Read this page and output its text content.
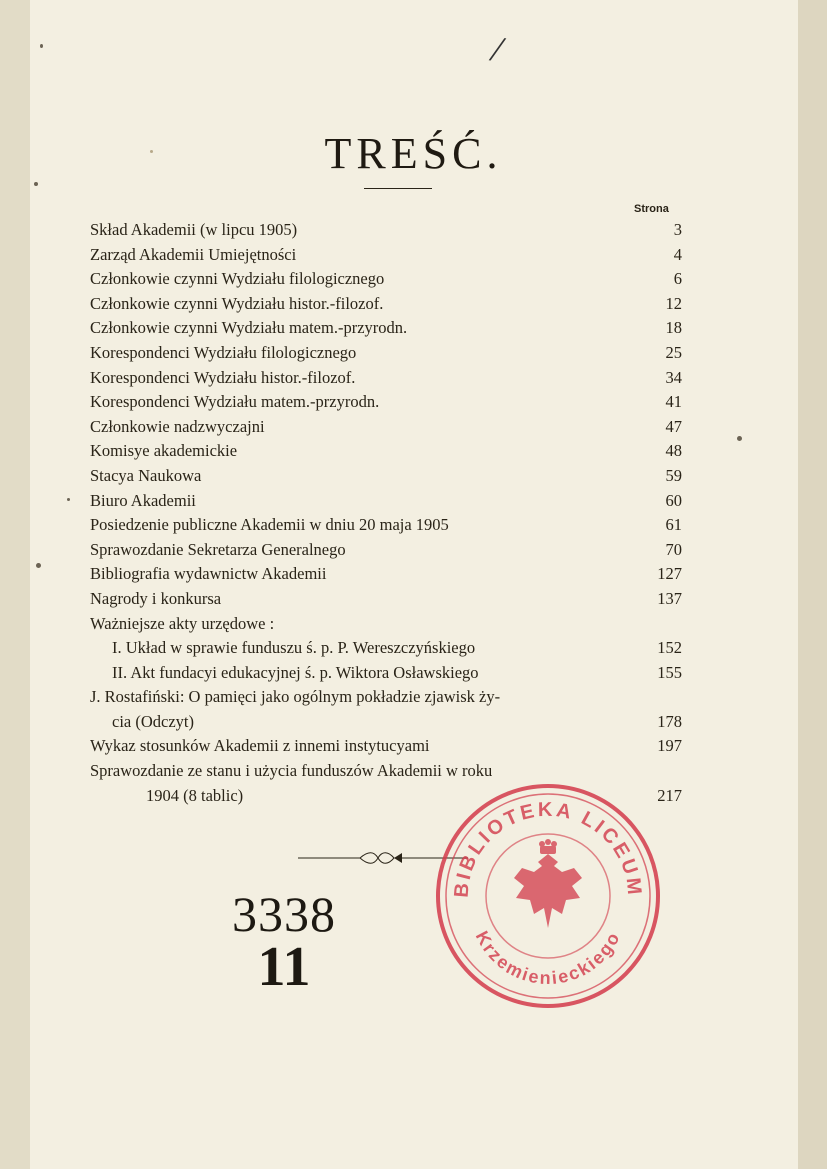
/
TREŚĆ.
Strona
Skład Akademii (w lipcu 1905)	3
Zarząd Akademii Umiejętności	4
Członkowie czynni Wydziału filologicznego	6
Członkowie czynni Wydziału histor.-filozof.	12
Członkowie czynni Wydziału matem.-przyrodn.	18
Korespondenci Wydziału filologicznego	25
Korespondenci Wydziału histor.-filozof.	34
Korespondenci Wydziału matem.-przyrodn.	41
Członkowie nadzwyczajni	47
Komisye akademickie	48
Stacya Naukowa	59
Biuro Akademii	60
Posiedzenie publiczne Akademii w dniu 20 maja 1905	61
Sprawozdanie Sekretarza Generalnego	70
Bibliografia wydawnictw Akademii	127
Nagrody i konkursa	137
Ważniejsze akty urzędowe :
I. Układ w sprawie funduszu ś. p. P. Wereszczyńskiego	152
II. Akt fundacyi edukacyjnej ś. p. Wiktora Osławskiego	155
J. Rostafiński: O pamięci jako ogólnym pokładzie zjawisk ży-
cia (Odczyt)	178
Wykaz stosunków Akademii z innemi instytucyami	197
Sprawozdanie ze stanu i użycia funduszów Akademii w roku
1904 (8 tablic)	217
3338
11
BIBLIOTEKA LICEUM
Krzemienieckiego
